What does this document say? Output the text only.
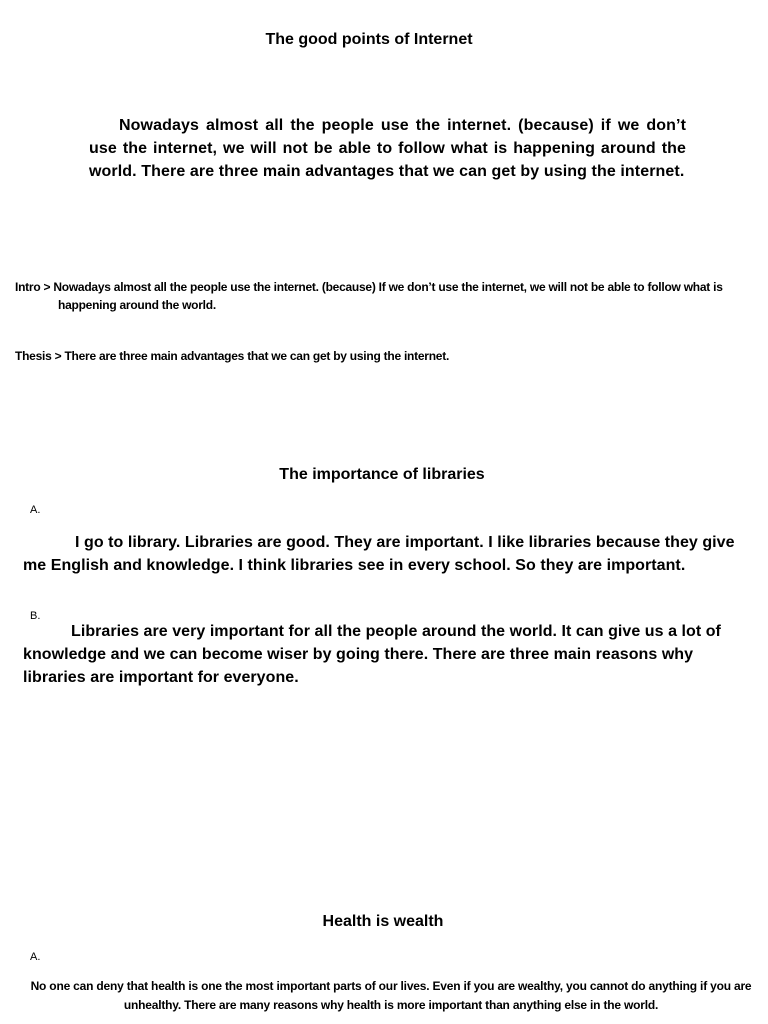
The good points of Internet

Nowadays almost all the people use the internet. (because) if we don’t use the internet, we will not be able to follow what is happening around the world. There are three main advantages that we can get by using the internet.

Intro > Nowadays almost all the people use the internet. (because) If we don’t use the internet, we will not be able to follow what is happening around the world.

Thesis > There are three main advantages that we can get by using the internet.

The importance of libraries
A.

I go to library. Libraries are good. They are important. I like libraries because they give me English and knowledge. I think libraries see in every school. So they are important.

B.

Libraries are very important for all the people around the world. It can give us a lot of knowledge and we can become wiser by going there. There are three main reasons why libraries are important for everyone.

Health is wealth
A.

No one can deny that health is one the most important parts of our lives. Even if you are wealthy, you cannot do anything if you are unhealthy. There are many reasons why health is more important than anything else in the world.
